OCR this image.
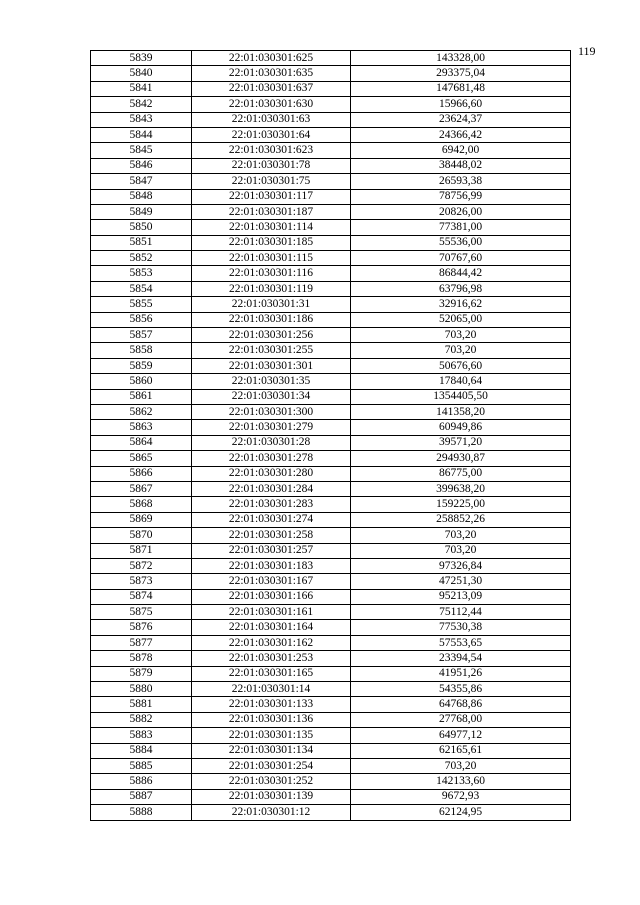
119
5839	22:01:030301:625	143328,00
5840	22:01:030301:635	293375,04
5841	22:01:030301:637	147681,48
5842	22:01:030301:630	15966,60
5843	22:01:030301:63	23624,37
5844	22:01:030301:64	24366,42
5845	22:01:030301:623	6942,00
5846	22:01:030301:78	38448,02
5847	22:01:030301:75	26593,38
5848	22:01:030301:117	78756,99
5849	22:01:030301:187	20826,00
5850	22:01:030301:114	77381,00
5851	22:01:030301:185	55536,00
5852	22:01:030301:115	70767,60
5853	22:01:030301:116	86844,42
5854	22:01:030301:119	63796,98
5855	22:01:030301:31	32916,62
5856	22:01:030301:186	52065,00
5857	22:01:030301:256	703,20
5858	22:01:030301:255	703,20
5859	22:01:030301:301	50676,60
5860	22:01:030301:35	17840,64
5861	22:01:030301:34	1354405,50
5862	22:01:030301:300	141358,20
5863	22:01:030301:279	60949,86
5864	22:01:030301:28	39571,20
5865	22:01:030301:278	294930,87
5866	22:01:030301:280	86775,00
5867	22:01:030301:284	399638,20
5868	22:01:030301:283	159225,00
5869	22:01:030301:274	258852,26
5870	22:01:030301:258	703,20
5871	22:01:030301:257	703,20
5872	22:01:030301:183	97326,84
5873	22:01:030301:167	47251,30
5874	22:01:030301:166	95213,09
5875	22:01:030301:161	75112,44
5876	22:01:030301:164	77530,38
5877	22:01:030301:162	57553,65
5878	22:01:030301:253	23394,54
5879	22:01:030301:165	41951,26
5880	22:01:030301:14	54355,86
5881	22:01:030301:133	64768,86
5882	22:01:030301:136	27768,00
5883	22:01:030301:135	64977,12
5884	22:01:030301:134	62165,61
5885	22:01:030301:254	703,20
5886	22:01:030301:252	142133,60
5887	22:01:030301:139	9672,93
5888	22:01:030301:12	62124,95
